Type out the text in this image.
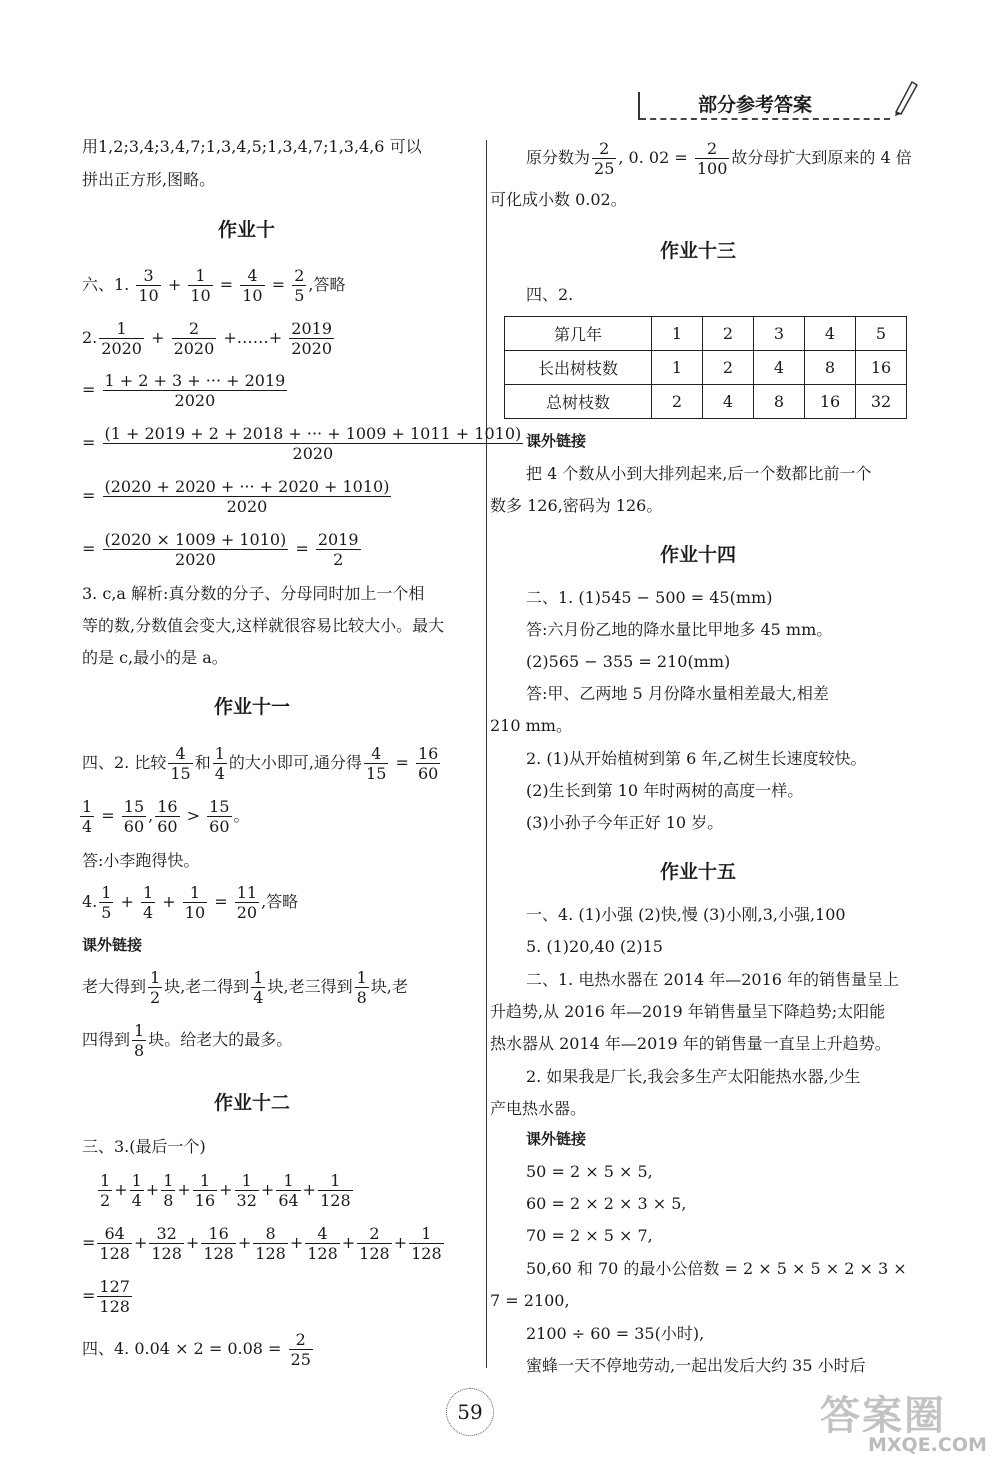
部分参考答案
用1,2;3,4;3,4,7;1,3,4,5;1,3,4,7;1,3,4,6 可以
拼出正方形,图略。
作业十
六、1. $\frac{3}{10} + \frac{1}{10} = \frac{4}{10} = \frac{2}{5}$ ,答略
2. $\frac{1}{2020} + \frac{2}{2020}$ +……+ $\frac{2019}{2020}$
= $\frac{1 + 2 + 3 + \cdot\cdot\cdot + 2019}{2020}$
= $\frac{(1 + 2019 + 2 + 2018 + \cdot\cdot\cdot + 1009 + 1011 + 1010)}{2020}$
= $\frac{(2020 + 2020 + \cdot\cdot\cdot + 2020 + 1010)}{2020}$
= $\frac{(2020 \times 1009 + 1010)}{2020} = \frac{2019}{2}$
3. c,a 解析:真分数的分子、分母同时加上一个相
等的数,分数值会变大,这样就很容易比较大小。最大
的是 c,最小的是 a。
作业十一
四、2. 比较 $\frac{4}{15}$ 和 $\frac{1}{4}$ 的大小即可,通分得 $\frac{4}{15} = \frac{16}{60}$
$\frac{1}{4} = \frac{15}{60}$ , $\frac{16}{60} > \frac{15}{60}$ 。
答:小李跑得快。
4. $\frac{1}{5} + \frac{1}{4} + \frac{1}{10} = \frac{11}{20}$ ,答略
课外链接
老大得到 $\frac{1}{2}$ 块,老二得到 $\frac{1}{4}$ 块,老三得到 $\frac{1}{8}$ 块,老
四得到 $\frac{1}{8}$ 块。给老大的最多。
作业十二
三、3.(最后一个)
$\frac{1}{2} + \frac{1}{4} + \frac{1}{8} + \frac{1}{16} + \frac{1}{32} + \frac{1}{64} + \frac{1}{128}$
= $\frac{64}{128} + \frac{32}{128} + \frac{16}{128} + \frac{8}{128} + \frac{4}{128} + \frac{2}{128} + \frac{1}{128}$
= $\frac{127}{128}$
四、4. $0.04 \times 2 = 0.08 = \frac{2}{25}$
原分数为 $\frac{2}{25}$ , 0. $02 = \frac{2}{100}$ 故分母扩大到原来的 4 倍
可化成小数 0.02。
作业十三
四、2.
第几年	1	2	3	4	5
长出树枝数	1	2	4	8	16
总树枝数	2	4	8	16	32
课外链接
把 4 个数从小到大排列起来,后一个数都比前一个
数多 126,密码为 126。
作业十四
二、1. (1)545 − 500 = 45(mm)
答:六月份乙地的降水量比甲地多 45 mm。
(2)565 − 355 = 210(mm)
答:甲、乙两地 5 月份降水量相差最大,相差
210 mm。
2. (1)从开始植树到第 6 年,乙树生长速度较快。
(2)生长到第 10 年时两树的高度一样。
(3)小孙子今年正好 10 岁。
作业十五
一、4. (1)小强 (2)快,慢 (3)小刚,3,小强,100
5. (1)20,40 (2)15
二、1. 电热水器在 2014 年—2016 年的销售量呈上
升趋势,从 2016 年—2019 年销售量呈下降趋势;太阳能
热水器从 2014 年—2019 年的销售量一直呈上升趋势。
2. 如果我是厂长,我会多生产太阳能热水器,少生
产电热水器。
课外链接
50 = 2 × 5 × 5,
60 = 2 × 2 × 3 × 5,
70 = 2 × 5 × 7,
50,60 和 70 的最小公倍数 = 2 × 5 × 5 × 2 × 3 ×
7 = 2100,
2100 ÷ 60 = 35(小时),
蜜蜂一天不停地劳动,一起出发后大约 35 小时后
59	答案圈
MXQE.COM
